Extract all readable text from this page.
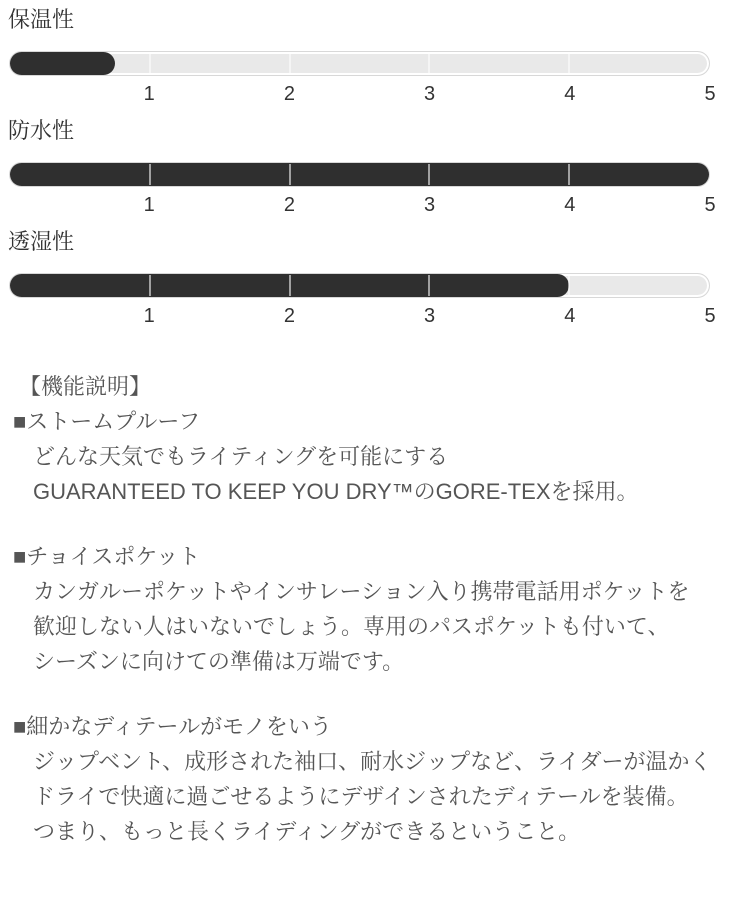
保温性
1	2	3	4	5
防水性
1	2	3	4	5
透湿性
1	2	3	4	5
【機能説明】
■ストームプルーフ

どんな天気でもライティングを可能にする

GUARANTEED TO KEEP YOU DRY™のGORE-TEXを採用。

■チョイスポケット

カンガルーポケットやインサレーション入り携帯電話用ポケットを

歓迎しない人はいないでしょう。専用のパスポケットも付いて、

シーズンに向けての準備は万端です。

■細かなディテールがモノをいう

ジップベント、成形された袖口、耐水ジップなど、ライダーが温かく

ドライで快適に過ごせるようにデザインされたディテールを装備。

つまり、もっと長くライディングができるということ。
